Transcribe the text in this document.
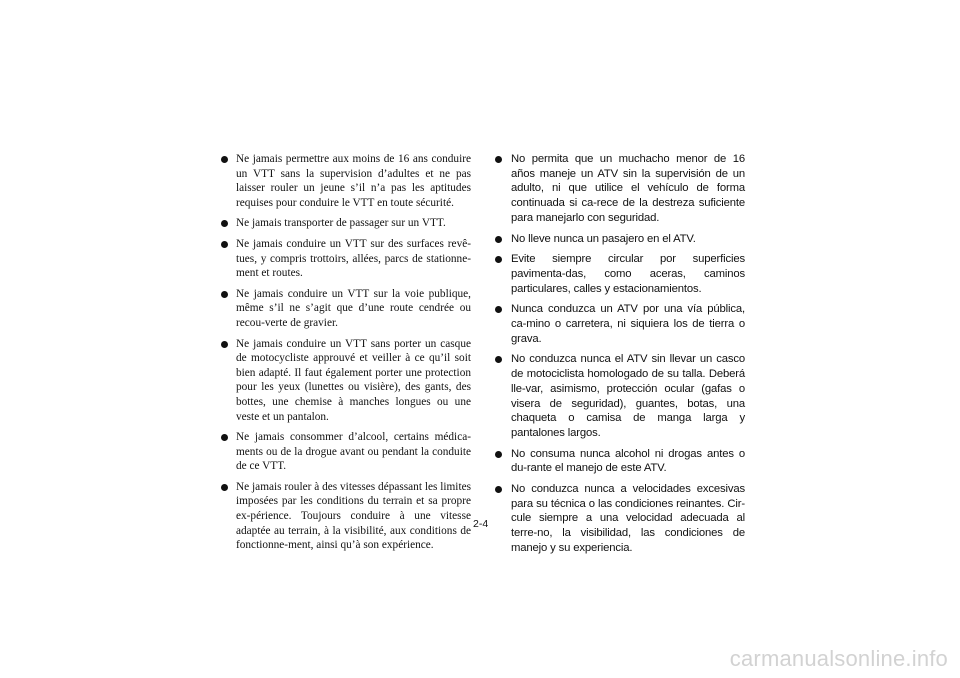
Ne jamais permettre aux moins de 16 ans conduire un VTT sans la supervision d’adultes et ne pas laisser rouler un jeune s’il n’a pas les aptitudes requises pour conduire le VTT en toute sécurité.
Ne jamais transporter de passager sur un VTT.
Ne jamais conduire un VTT sur des surfaces revê-tues, y compris trottoirs, allées, parcs de stationne-ment et routes.
Ne jamais conduire un VTT sur la voie publique, même s’il ne s’agit que d’une route cendrée ou recou-verte de gravier.
Ne jamais conduire un VTT sans porter un casque de motocycliste approuvé et veiller à ce qu’il soit bien adapté. Il faut également porter une protection pour les yeux (lunettes ou visière), des gants, des bottes, une chemise à manches longues ou une veste et un pantalon.
Ne jamais consommer d’alcool, certains médica-ments ou de la drogue avant ou pendant la conduite de ce VTT.
Ne jamais rouler à des vitesses dépassant les limites imposées par les conditions du terrain et sa propre ex-périence. Toujours conduire à une vitesse adaptée au terrain, à la visibilité, aux conditions de fonctionne-ment, ainsi qu’à son expérience.
No permita que un muchacho menor de 16 años maneje un ATV sin la supervisión de un adulto, ni que utilice el vehículo de forma continuada si ca-rece de la destreza suficiente para manejarlo con seguridad.
No lleve nunca un pasajero en el ATV.
Evite siempre circular por superficies pavimenta-das, como aceras, caminos particulares, calles y estacionamientos.
Nunca conduzca un ATV por una vía pública, ca-mino o carretera, ni siquiera los de tierra o grava.
No conduzca nunca el ATV sin llevar un casco de motociclista homologado de su talla. Deberá lle-var, asimismo, protección ocular (gafas o visera de seguridad), guantes, botas, una chaqueta o camisa de manga larga y pantalones largos.
No consuma nunca alcohol ni drogas antes o du-rante el manejo de este ATV.
No conduzca nunca a velocidades excesivas para su técnica o las condiciones reinantes. Cir-cule siempre a una velocidad adecuada al terre-no, la visibilidad, las condiciones de manejo y su experiencia.
2-4
carmanualsonline.info
